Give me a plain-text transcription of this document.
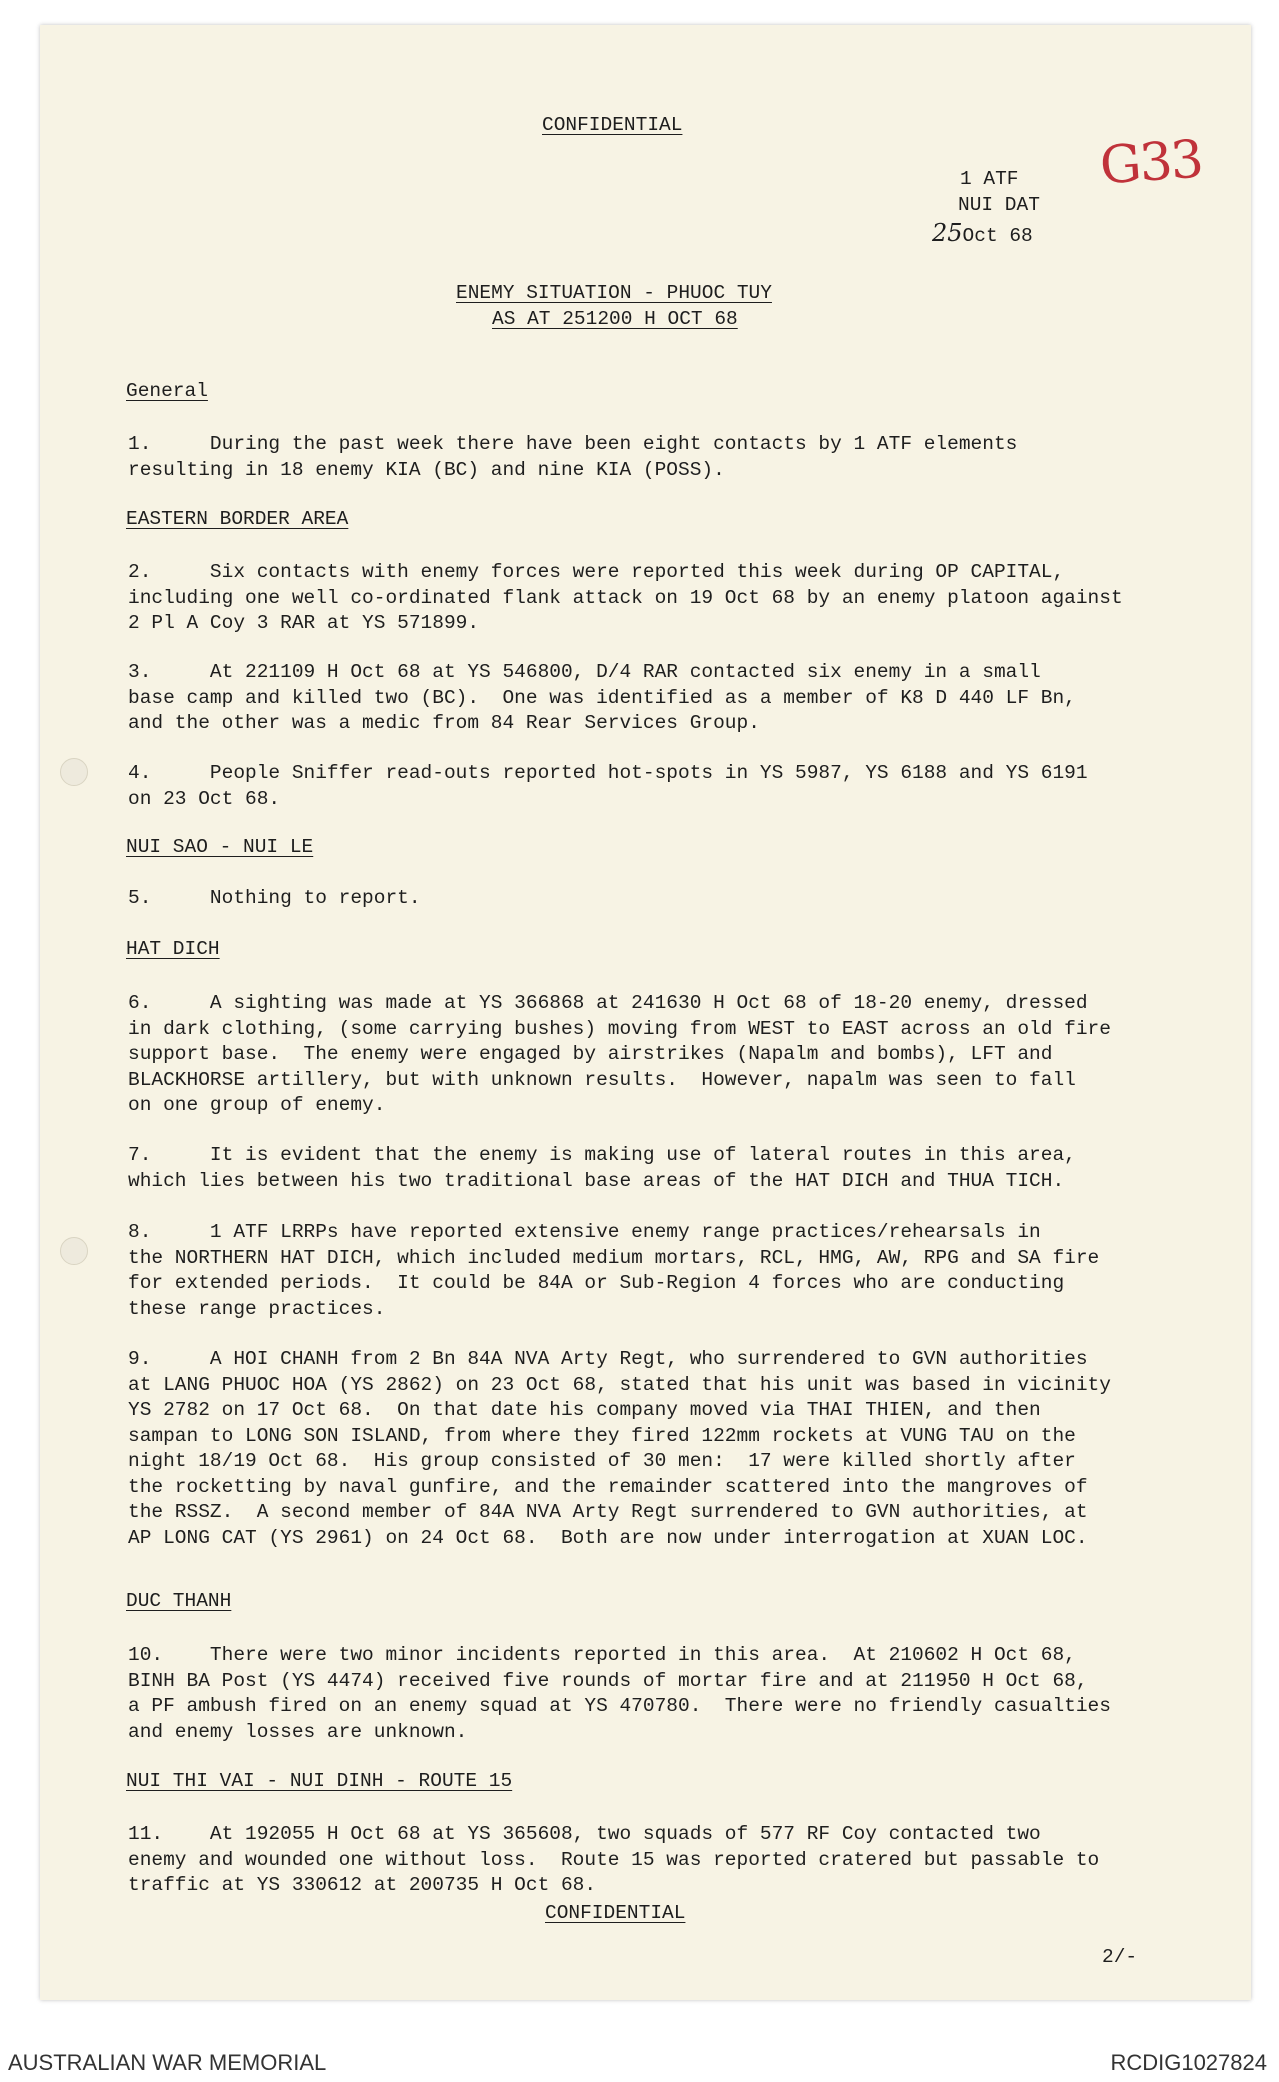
CONFIDENTIAL
G33
1 ATF
NUI DAT
25Oct 68
ENEMY SITUATION - PHUOC TUY
AS AT 251200 H OCT 68
General
1.     During the past week there have been eight contacts by 1 ATF elements
resulting in 18 enemy KIA (BC) and nine KIA (POSS).
EASTERN BORDER AREA
2.     Six contacts with enemy forces were reported this week during OP CAPITAL,
including one well co-ordinated flank attack on 19 Oct 68 by an enemy platoon against
2 Pl A Coy 3 RAR at YS 571899.
3.     At 221109 H Oct 68 at YS 546800, D/4 RAR contacted six enemy in a small
base camp and killed two (BC).  One was identified as a member of K8 D 440 LF Bn,
and the other was a medic from 84 Rear Services Group.
4.     People Sniffer read-outs reported hot-spots in YS 5987, YS 6188 and YS 6191
on 23 Oct 68.
NUI SAO - NUI LE
5.     Nothing to report.
HAT DICH
6.     A sighting was made at YS 366868 at 241630 H Oct 68 of 18-20 enemy, dressed
in dark clothing, (some carrying bushes) moving from WEST to EAST across an old fire
support base.  The enemy were engaged by airstrikes (Napalm and bombs), LFT and
BLACKHORSE artillery, but with unknown results.  However, napalm was seen to fall
on one group of enemy.
7.     It is evident that the enemy is making use of lateral routes in this area,
which lies between his two traditional base areas of the HAT DICH and THUA TICH.
8.     1 ATF LRRPs have reported extensive enemy range practices/rehearsals in
the NORTHERN HAT DICH, which included medium mortars, RCL, HMG, AW, RPG and SA fire
for extended periods.  It could be 84A or Sub-Region 4 forces who are conducting
these range practices.
9.     A HOI CHANH from 2 Bn 84A NVA Arty Regt, who surrendered to GVN authorities
at LANG PHUOC HOA (YS 2862) on 23 Oct 68, stated that his unit was based in vicinity
YS 2782 on 17 Oct 68.  On that date his company moved via THAI THIEN, and then
sampan to LONG SON ISLAND, from where they fired 122mm rockets at VUNG TAU on the
night 18/19 Oct 68.  His group consisted of 30 men:  17 were killed shortly after
the rocketting by naval gunfire, and the remainder scattered into the mangroves of
the RSSZ.  A second member of 84A NVA Arty Regt surrendered to GVN authorities, at
AP LONG CAT (YS 2961) on 24 Oct 68.  Both are now under interrogation at XUAN LOC.
DUC THANH
10.    There were two minor incidents reported in this area.  At 210602 H Oct 68,
BINH BA Post (YS 4474) received five rounds of mortar fire and at 211950 H Oct 68,
a PF ambush fired on an enemy squad at YS 470780.  There were no friendly casualties
and enemy losses are unknown.
NUI THI VAI - NUI DINH - ROUTE 15
11.    At 192055 H Oct 68 at YS 365608, two squads of 577 RF Coy contacted two
enemy and wounded one without loss.  Route 15 was reported cratered but passable to
traffic at YS 330612 at 200735 H Oct 68.
CONFIDENTIAL
2/-
AUSTRALIAN WAR MEMORIAL	RCDIG1027824
